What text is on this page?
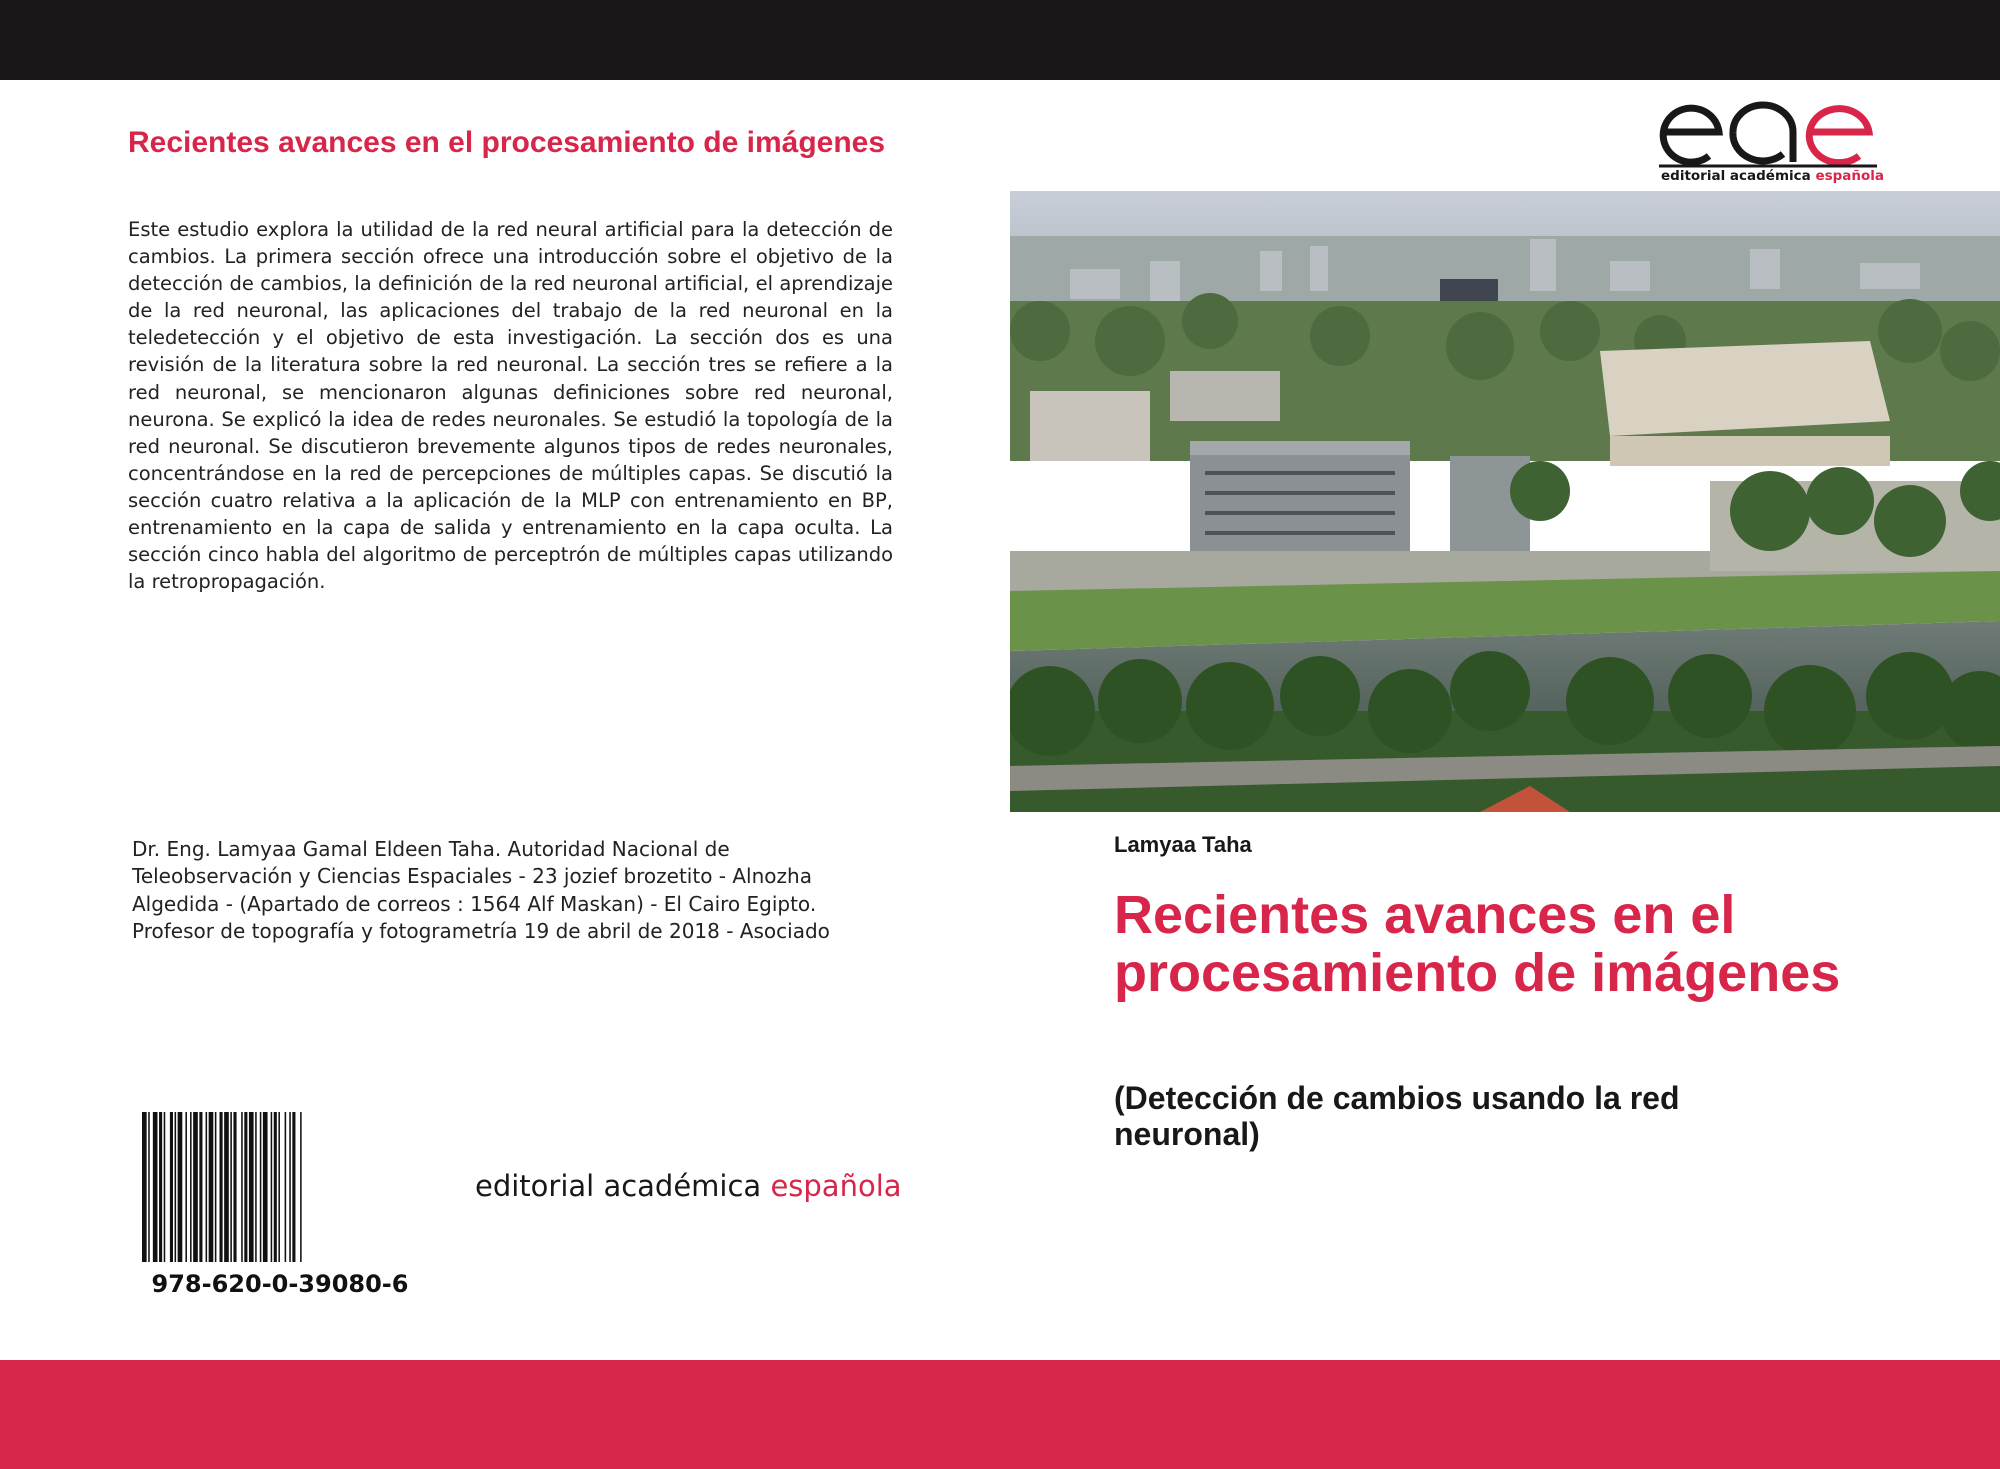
Recientes avances en el procesamiento de imágenes

Este estudio explora la utilidad de la red neural artificial para la detección de cambios. La primera sección ofrece una introducción sobre el objetivo de la detección de cambios, la definición de la red neuronal artificial, el aprendizaje de la red neuronal, las aplicaciones del trabajo de la red neuronal en la teledetección y el objetivo de esta investigación. La sección dos es una revisión de la literatura sobre la red neuronal. La sección tres se refiere a la red neuronal, se mencionaron algunas definiciones sobre red neuronal, neurona. Se explicó la idea de redes neuronales. Se estudió la topología de la red neuronal. Se discutieron brevemente algunos tipos de redes neuronales, concentrándose en la red de percepciones de múltiples capas. Se discutió la sección cuatro relativa a la aplicación de la MLP con entrenamiento en BP, entrenamiento en la capa de salida y entrenamiento en la capa oculta. La sección cinco habla del algoritmo de perceptrón de múltiples capas utilizando la retropropagación.

Dr. Eng. Lamyaa Gamal Eldeen Taha. Autoridad Nacional de Teleobservación y Ciencias Espaciales - 23 jozief brozetito - Alnozha Algedida - (Apartado de correos : 1564 Alf Maskan) - El Cairo Egipto. Profesor de topografía y fotogrametría 19 de abril de 2018 - Asociado

978-620-0-39080-6
editorial académica española
editorial académica española

Lamyaa Taha

Recientes avances en el procesamiento de imágenes

(Detección de cambios usando la red neuronal)
